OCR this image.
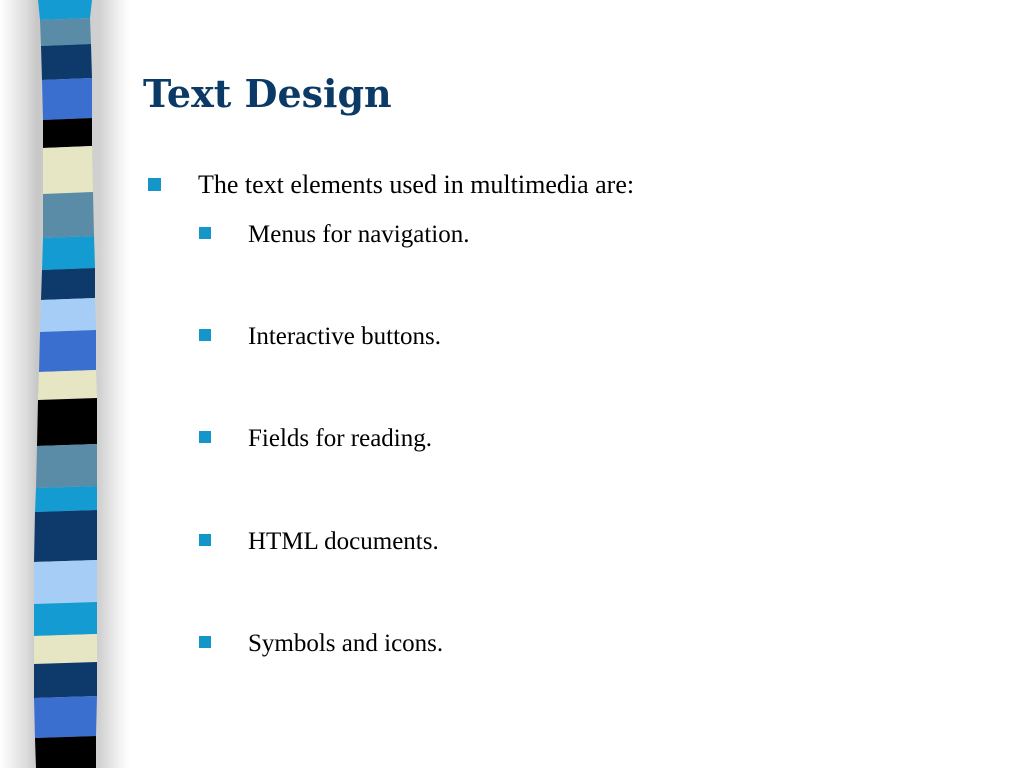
Text Design
The text elements used in multimedia are:
Menus for navigation.
Interactive buttons.
Fields for reading.
HTML documents.
Symbols and icons.
